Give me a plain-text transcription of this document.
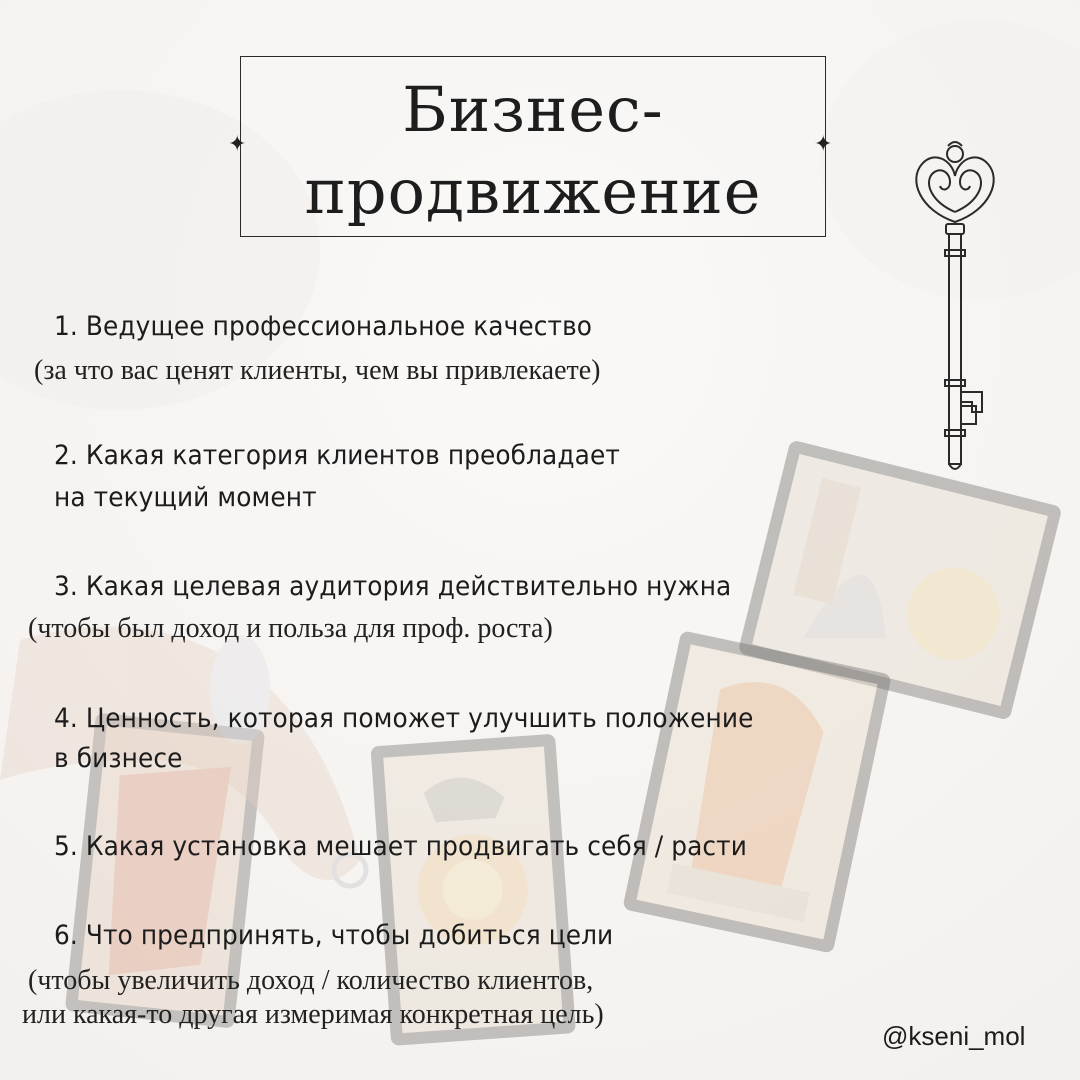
Бизнес-
продвижение
✦	✦
1. Ведущее профессиональное качество
(за что вас ценят клиенты, чем вы привлекаете)
2. Какая категория клиентов преобладает
на текущий момент
3. Какая целевая аудитория действительно нужна
(чтобы был доход и польза для проф. роста)
4. Ценность, которая поможет улучшить положение
в бизнесе
5. Какая установка мешает продвигать себя / расти
6. Что предпринять, чтобы добиться цели
(чтобы увеличить доход / количество клиентов,
или какая-то другая измеримая конкретная цель)
@kseni_mol
